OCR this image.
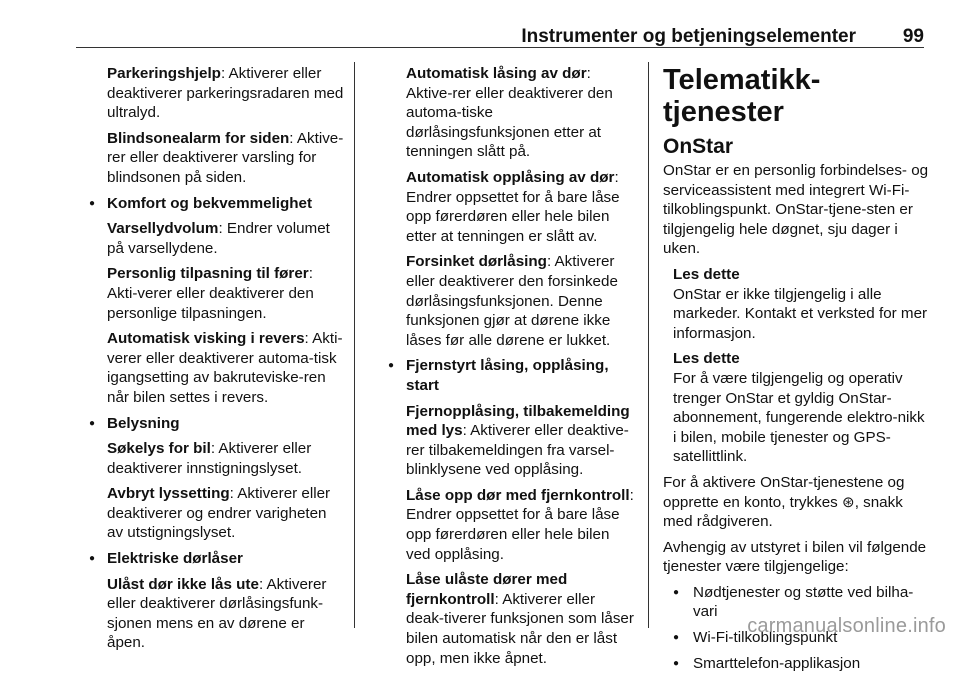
Instrumenter og betjeningselementer 99

Parkeringshjelp: Aktiverer eller deaktiverer parkeringsradaren med ultralyd.

Blindsonealarm for siden: Aktive-rer eller deaktiverer varsling for blindsonen på siden.

● Komfort og bekvemmelighet

Varsellydvolum: Endrer volumet på varsellydene.

Personlig tilpasning til fører: Akti-verer eller deaktiverer den personlige tilpasningen.

Automatisk visking i revers: Akti-verer eller deaktiverer automa-tisk igangsetting av bakruteviske-ren når bilen settes i revers.

● Belysning

Søkelys for bil: Aktiverer eller deaktiverer innstigningslyset.

Avbryt lyssetting: Aktiverer eller deaktiverer og endrer varigheten av utstigningslyset.

● Elektriske dørlåser

Ulåst dør ikke lås ute: Aktiverer eller deaktiverer dørlåsingsfunk-sjonen mens en av dørene er åpen.

Automatisk låsing av dør: Aktive-rer eller deaktiverer den automa-tiske dørlåsingsfunksjonen etter at tenningen slått på.

Automatisk opplåsing av dør: Endrer oppsettet for å bare låse opp førerdøren eller hele bilen etter at tenningen er slått av.

Forsinket dørlåsing: Aktiverer eller deaktiverer den forsinkede dørlåsingsfunksjonen. Denne funksjonen gjør at dørene ikke låses før alle dørene er lukket.

● Fjernstyrt låsing, opplåsing, start

Fjernopplåsing, tilbakemelding med lys: Aktiverer eller deaktive-rer tilbakemeldingen fra varsel-blinklysene ved opplåsing.

Låse opp dør med fjernkontroll: Endrer oppsettet for å bare låse opp førerdøren eller hele bilen ved opplåsing.

Låse ulåste dører med fjernkontroll: Aktiverer eller deak-tiverer funksjonen som låser bilen automatisk når den er låst opp, men ikke åpnet.

Telematikk-tjenester
OnStar

OnStar er en personlig forbindelses- og serviceassistent med integrert Wi-Fi-tilkoblingspunkt. OnStar-tjene-sten er tilgjengelig hele døgnet, sju dager i uken.

Les dette
OnStar er ikke tilgjengelig i alle markeder. Kontakt et verksted for mer informasjon.
Les dette
For å være tilgjengelig og operativ trenger OnStar et gyldig OnStar-abonnement, fungerende elektro-nikk i bilen, mobile tjenester og GPS-satellittlink.

For å aktivere OnStar-tjenestene og opprette en konto, trykkes ⊛, snakk med rådgiveren.

Avhengig av utstyret i bilen vil følgende tjenester være tilgjengelige:

● Nødtjenester og støtte ved bilha-vari
● Wi-Fi-tilkoblingspunkt
● Smarttelefon-applikasjon
carmanualsonline.info
